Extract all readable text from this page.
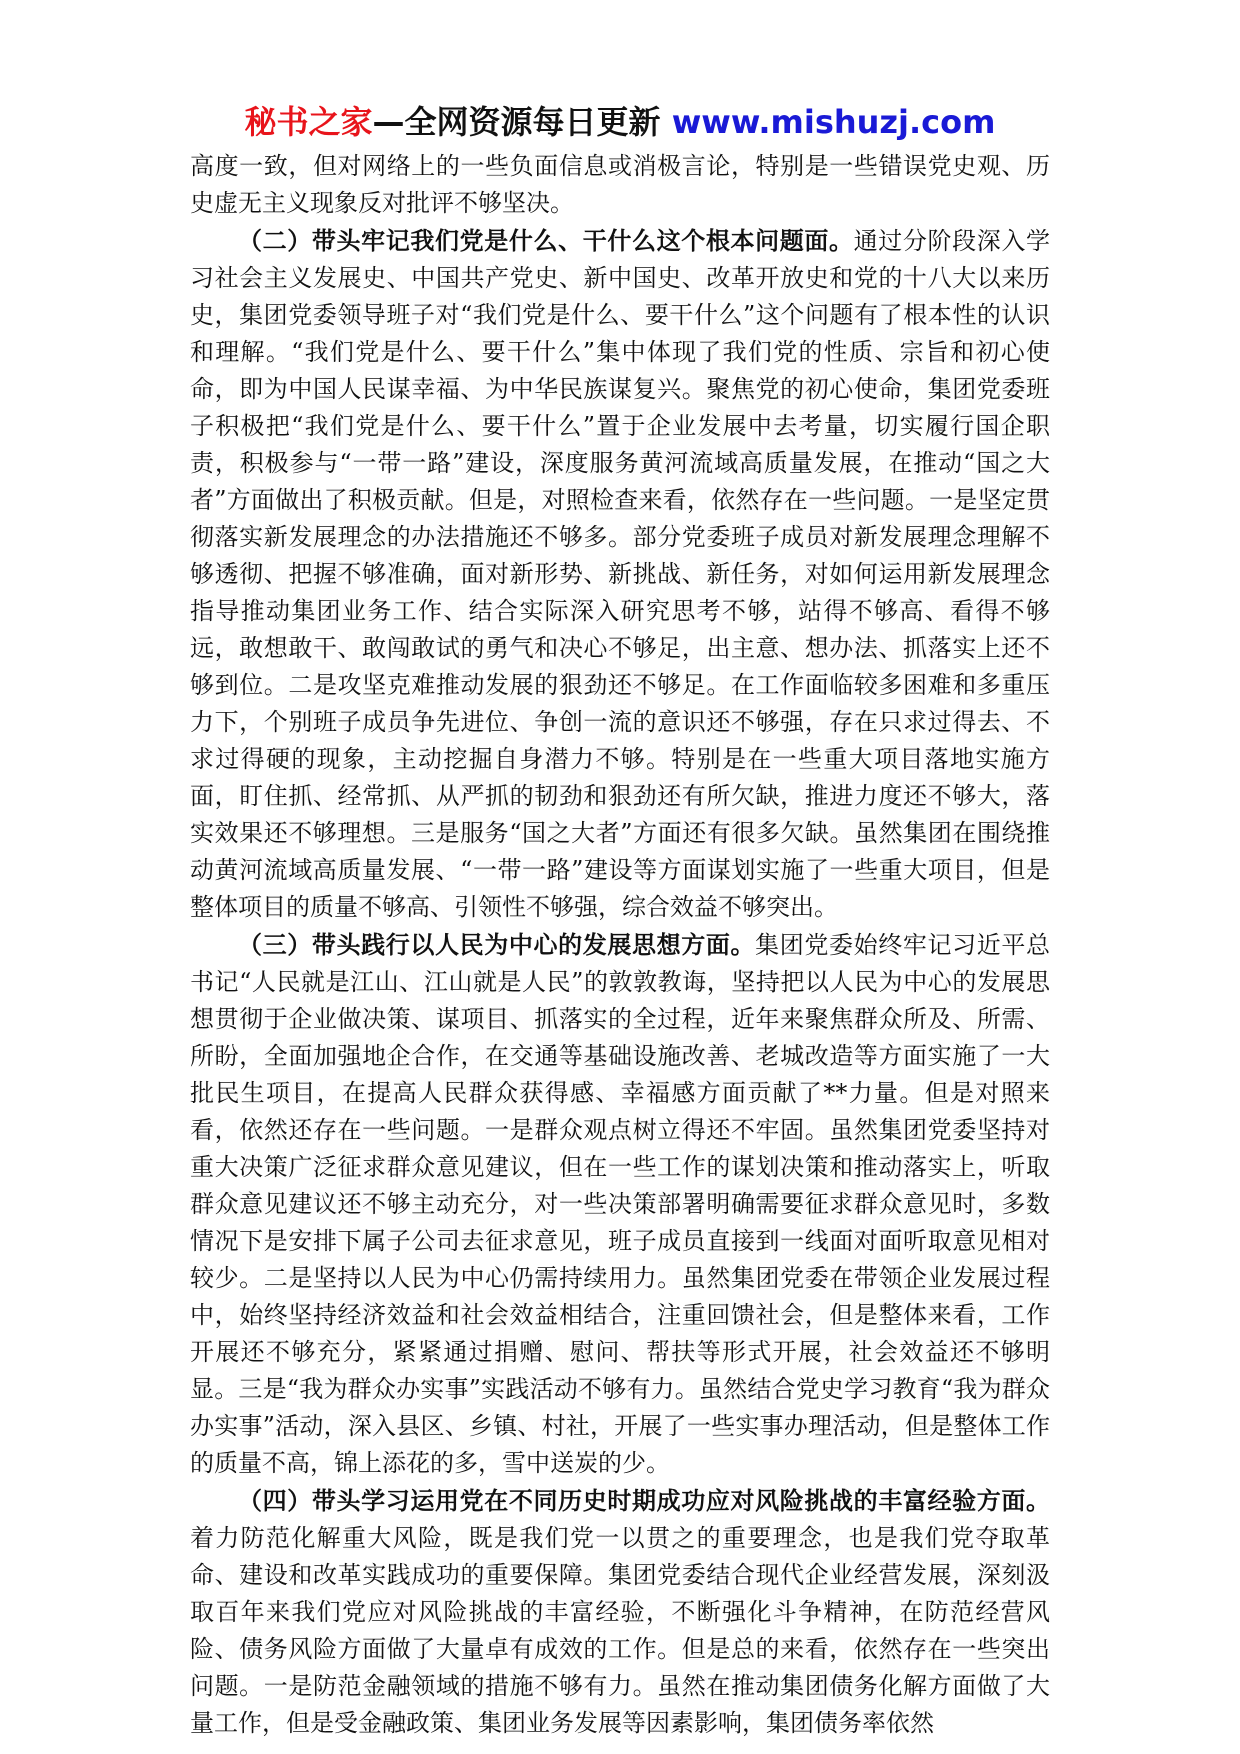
秘书之家—全网资源每日更新 www.mishuzj.com

高度一致，但对网络上的一些负面信息或消极言论，特别是一些错误党史观、历史虚无主义现象反对批评不够坚决。

（二）带头牢记我们党是什么、干什么这个根本问题面。通过分阶段深入学习社会主义发展史、中国共产党史、新中国史、改革开放史和党的十八大以来历史，集团党委领导班子对“我们党是什么、要干什么”这个问题有了根本性的认识和理解。“我们党是什么、要干什么”集中体现了我们党的性质、宗旨和初心使命，即为中国人民谋幸福、为中华民族谋复兴。聚焦党的初心使命，集团党委班子积极把“我们党是什么、要干什么”置于企业发展中去考量，切实履行国企职责，积极参与“一带一路”建设，深度服务黄河流域高质量发展，在推动“国之大者”方面做出了积极贡献。但是，对照检查来看，依然存在一些问题。一是坚定贯彻落实新发展理念的办法措施还不够多。部分党委班子成员对新发展理念理解不够透彻、把握不够准确，面对新形势、新挑战、新任务，对如何运用新发展理念指导推动集团业务工作、结合实际深入研究思考不够，站得不够高、看得不够远，敢想敢干、敢闯敢试的勇气和决心不够足，出主意、想办法、抓落实上还不够到位。二是攻坚克难推动发展的狠劲还不够足。在工作面临较多困难和多重压力下，个别班子成员争先进位、争创一流的意识还不够强，存在只求过得去、不求过得硬的现象，主动挖掘自身潜力不够。特别是在一些重大项目落地实施方面，盯住抓、经常抓、从严抓的韧劲和狠劲还有所欠缺，推进力度还不够大，落实效果还不够理想。三是服务“国之大者”方面还有很多欠缺。虽然集团在围绕推动黄河流域高质量发展、“一带一路”建设等方面谋划实施了一些重大项目，但是整体项目的质量不够高、引领性不够强，综合效益不够突出。

（三）带头践行以人民为中心的发展思想方面。集团党委始终牢记习近平总书记“人民就是江山、江山就是人民”的敦敦教诲，坚持把以人民为中心的发展思想贯彻于企业做决策、谋项目、抓落实的全过程，近年来聚焦群众所及、所需、所盼，全面加强地企合作，在交通等基础设施改善、老城改造等方面实施了一大批民生项目，在提高人民群众获得感、幸福感方面贡献了**力量。但是对照来看，依然还存在一些问题。一是群众观点树立得还不牢固。虽然集团党委坚持对重大决策广泛征求群众意见建议，但在一些工作的谋划决策和推动落实上，听取群众意见建议还不够主动充分，对一些决策部署明确需要征求群众意见时，多数情况下是安排下属子公司去征求意见，班子成员直接到一线面对面听取意见相对较少。二是坚持以人民为中心仍需持续用力。虽然集团党委在带领企业发展过程中，始终坚持经济效益和社会效益相结合，注重回馈社会，但是整体来看，工作开展还不够充分，紧紧通过捐赠、慰问、帮扶等形式开展，社会效益还不够明显。三是“我为群众办实事”实践活动不够有力。虽然结合党史学习教育“我为群众办实事”活动，深入县区、乡镇、村社，开展了一些实事办理活动，但是整体工作的质量不高，锦上添花的多，雪中送炭的少。

（四）带头学习运用党在不同历史时期成功应对风险挑战的丰富经验方面。着力防范化解重大风险，既是我们党一以贯之的重要理念，也是我们党夺取革命、建设和改革实践成功的重要保障。集团党委结合现代企业经营发展，深刻汲取百年来我们党应对风险挑战的丰富经验，不断强化斗争精神，在防范经营风险、债务风险方面做了大量卓有成效的工作。但是总的来看，依然存在一些突出问题。一是防范金融领域的措施不够有力。虽然在推动集团债务化解方面做了大量工作，但是受金融政策、集团业务发展等因素影响，集团债务率依然
